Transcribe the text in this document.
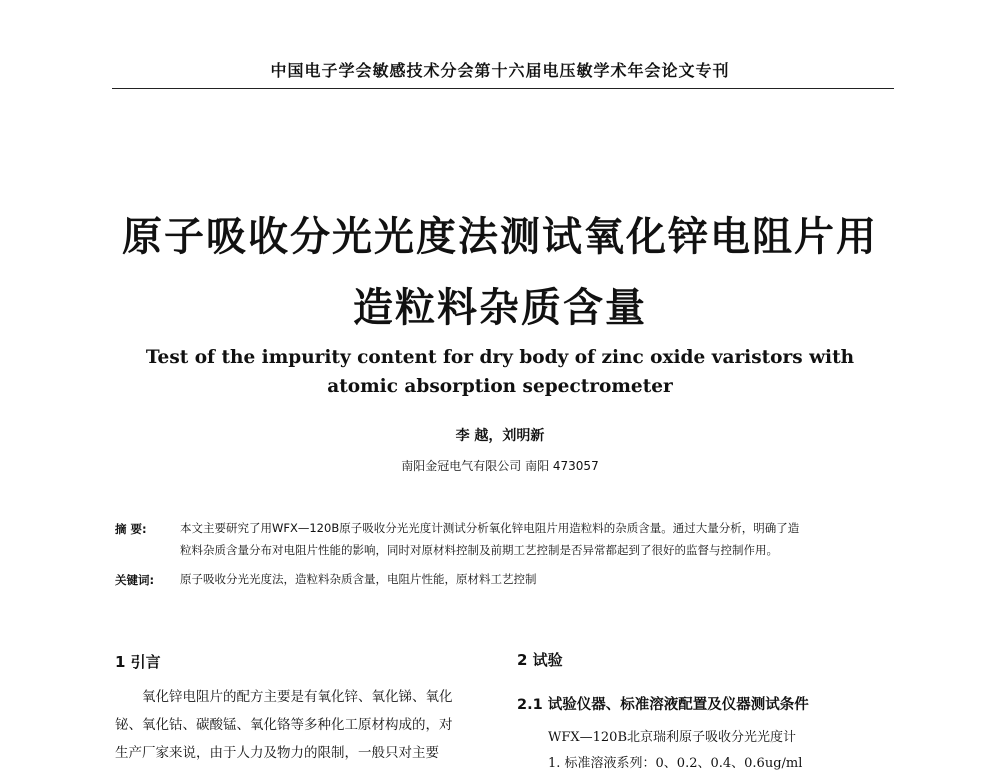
中国电子学会敏感技术分会第十六届电压敏学术年会论文专刊
原子吸收分光光度法测试氧化锌电阻片用
造粒料杂质含量
Test of the impurity content for dry body of zinc oxide varistors with
atomic absorption sepectrometer
李 越，刘明新
南阳金冠电气有限公司 南阳 473057
摘 要:	本文主要研究了用WFX—120B原子吸收分光光度计测试分析氧化锌电阻片用造粒料的杂质含量。通过大量分析，明确了造
粒料杂质含量分布对电阻片性能的影响，同时对原材料控制及前期工艺控制是否异常都起到了很好的监督与控制作用。
关键词: 原子吸收分光光度法，造粒料杂质含量，电阻片性能，原材料工艺控制
1 引言
氧化锌电阻片的配方主要是有氧化锌、氧化锑、氧化
铋、氧化钴、碳酸锰、氧化铬等多种化工原材构成的，对
生产厂家来说，由于人力及物力的限制，一般只对主要
2 试验
2.1 试验仪器、标准溶液配置及仪器测试条件
WFX—120B北京瑞利原子吸收分光光度计
1. 标准溶液系列：0、0.2、0.4、0.6ug/ml
